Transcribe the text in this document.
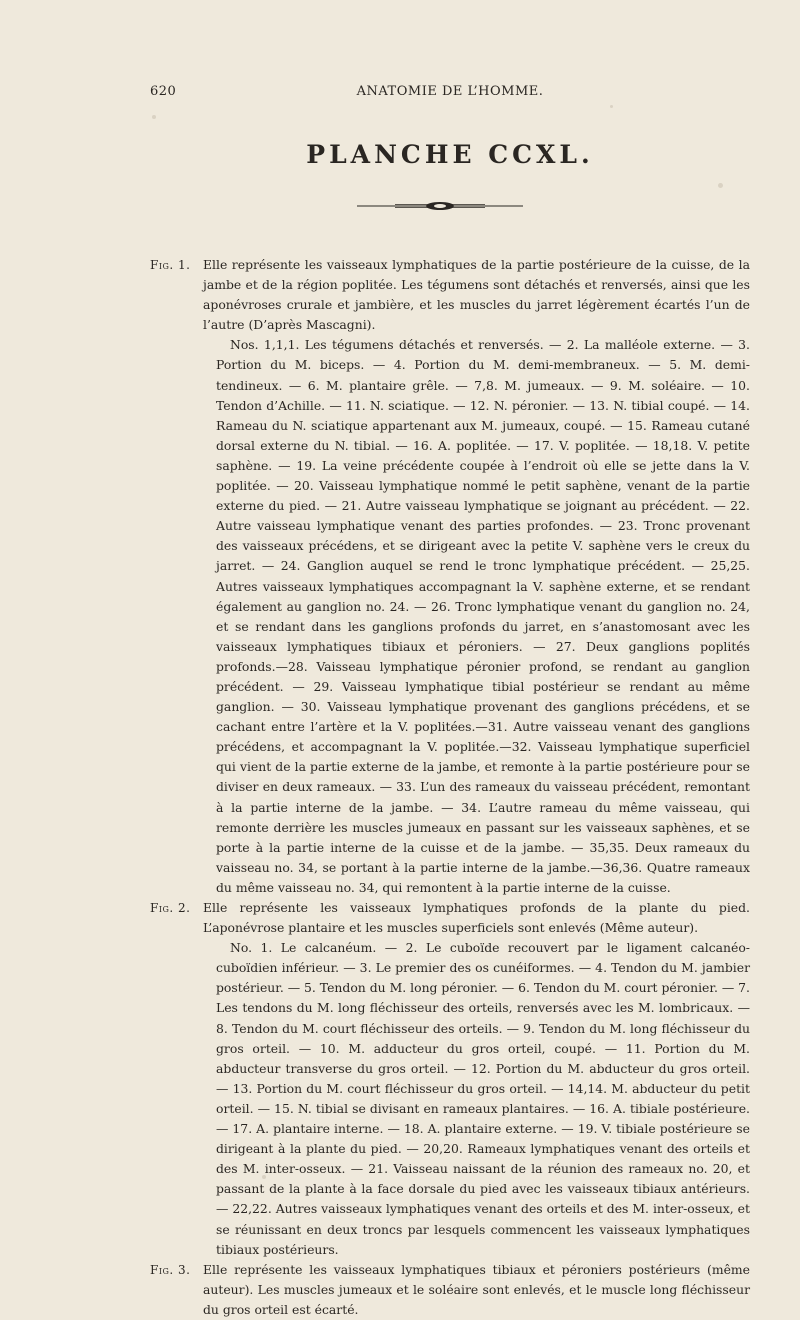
620	ANATOMIE DE L’HOMME.
PLANCHE CCXL.

Fig. 1. Elle représente les vaisseaux lymphatiques de la partie postérieure de la cuisse, de la jambe et de la région poplitée. Les tégumens sont détachés et renversés, ainsi que les aponévroses crurale et jambière, et les muscles du jarret légèrement écartés l’un de l’autre (D’après Mascagni).

Nos. 1,1,1. Les tégumens détachés et renversés. — 2. La malléole externe. — 3. Portion du M. biceps. — 4. Portion du M. demi-membraneux. — 5. M. demi-tendineux. — 6. M. plantaire grêle. — 7,8. M. jumeaux. — 9. M. soléaire. — 10. Tendon d’Achille. — 11. N. sciatique. — 12. N. péronier. — 13. N. tibial coupé. — 14. Rameau du N. sciatique appartenant aux M. jumeaux, coupé. — 15. Rameau cutané dorsal externe du N. tibial. — 16. A. poplitée. — 17. V. poplitée. — 18,18. V. petite saphène. — 19. La veine précédente coupée à l’endroit où elle se jette dans la V. poplitée. — 20. Vaisseau lymphatique nommé le petit saphène, venant de la partie externe du pied. — 21. Autre vaisseau lymphatique se joignant au précédent. — 22. Autre vaisseau lymphatique venant des parties profondes. — 23. Tronc provenant des vaisseaux précédens, et se dirigeant avec la petite V. saphène vers le creux du jarret. — 24. Ganglion auquel se rend le tronc lymphatique précédent. — 25,25. Autres vaisseaux lymphatiques accompagnant la V. saphène externe, et se rendant également au ganglion no. 24. — 26. Tronc lymphatique venant du ganglion no. 24, et se rendant dans les ganglions profonds du jarret, en s’anastomosant avec les vaisseaux lymphatiques tibiaux et péroniers. — 27. Deux ganglions poplités profonds.—28. Vaisseau lymphatique péronier profond, se rendant au ganglion précédent. — 29. Vaisseau lymphatique tibial postérieur se rendant au même ganglion. — 30. Vaisseau lymphatique provenant des ganglions précédens, et se cachant entre l’artère et la V. poplitées.—31. Autre vaisseau venant des ganglions précédens, et accompagnant la V. poplitée.—32. Vaisseau lymphatique superficiel qui vient de la partie externe de la jambe, et remonte à la partie postérieure pour se diviser en deux rameaux. — 33. L’un des rameaux du vaisseau précédent, remontant à la partie interne de la jambe. — 34. L’autre rameau du même vaisseau, qui remonte derrière les muscles jumeaux en passant sur les vaisseaux saphènes, et se porte à la partie interne de la cuisse et de la jambe. — 35,35. Deux rameaux du vaisseau no. 34, se portant à la partie interne de la jambe.—36,36. Quatre rameaux du même vaisseau no. 34, qui remontent à la partie interne de la cuisse.

Fig. 2. Elle représente les vaisseaux lymphatiques profonds de la plante du pied. L’aponévrose plantaire et les muscles superficiels sont enlevés (Même auteur).

No. 1. Le calcanéum. — 2. Le cuboïde recouvert par le ligament calcanéo-cuboïdien inférieur. — 3. Le premier des os cunéiformes. — 4. Tendon du M. jambier postérieur. — 5. Tendon du M. long péronier. — 6. Tendon du M. court péronier. — 7. Les tendons du M. long fléchisseur des orteils, renversés avec les M. lombricaux. — 8. Tendon du M. court fléchisseur des orteils. — 9. Tendon du M. long fléchisseur du gros orteil. — 10. M. adducteur du gros orteil, coupé. — 11. Portion du M. abducteur transverse du gros orteil. — 12. Portion du M. abducteur du gros orteil. — 13. Portion du M. court fléchisseur du gros orteil. — 14,14. M. abducteur du petit orteil. — 15. N. tibial se divisant en rameaux plantaires. — 16. A. tibiale postérieure. — 17. A. plantaire interne. — 18. A. plantaire externe. — 19. V. tibiale postérieure se dirigeant à la plante du pied. — 20,20. Rameaux lymphatiques venant des orteils et des M. inter-osseux. — 21. Vaisseau naissant de la réunion des rameaux no. 20, et passant de la plante à la face dorsale du pied avec les vaisseaux tibiaux antérieurs. — 22,22. Autres vaisseaux lymphatiques venant des orteils et des M. inter-osseux, et se réunissant en deux troncs par lesquels commencent les vaisseaux lymphatiques tibiaux postérieurs.

Fig. 3. Elle représente les vaisseaux lymphatiques tibiaux et péroniers postérieurs (même auteur). Les muscles jumeaux et le soléaire sont enlevés, et le muscle long fléchisseur du gros orteil est écarté.
